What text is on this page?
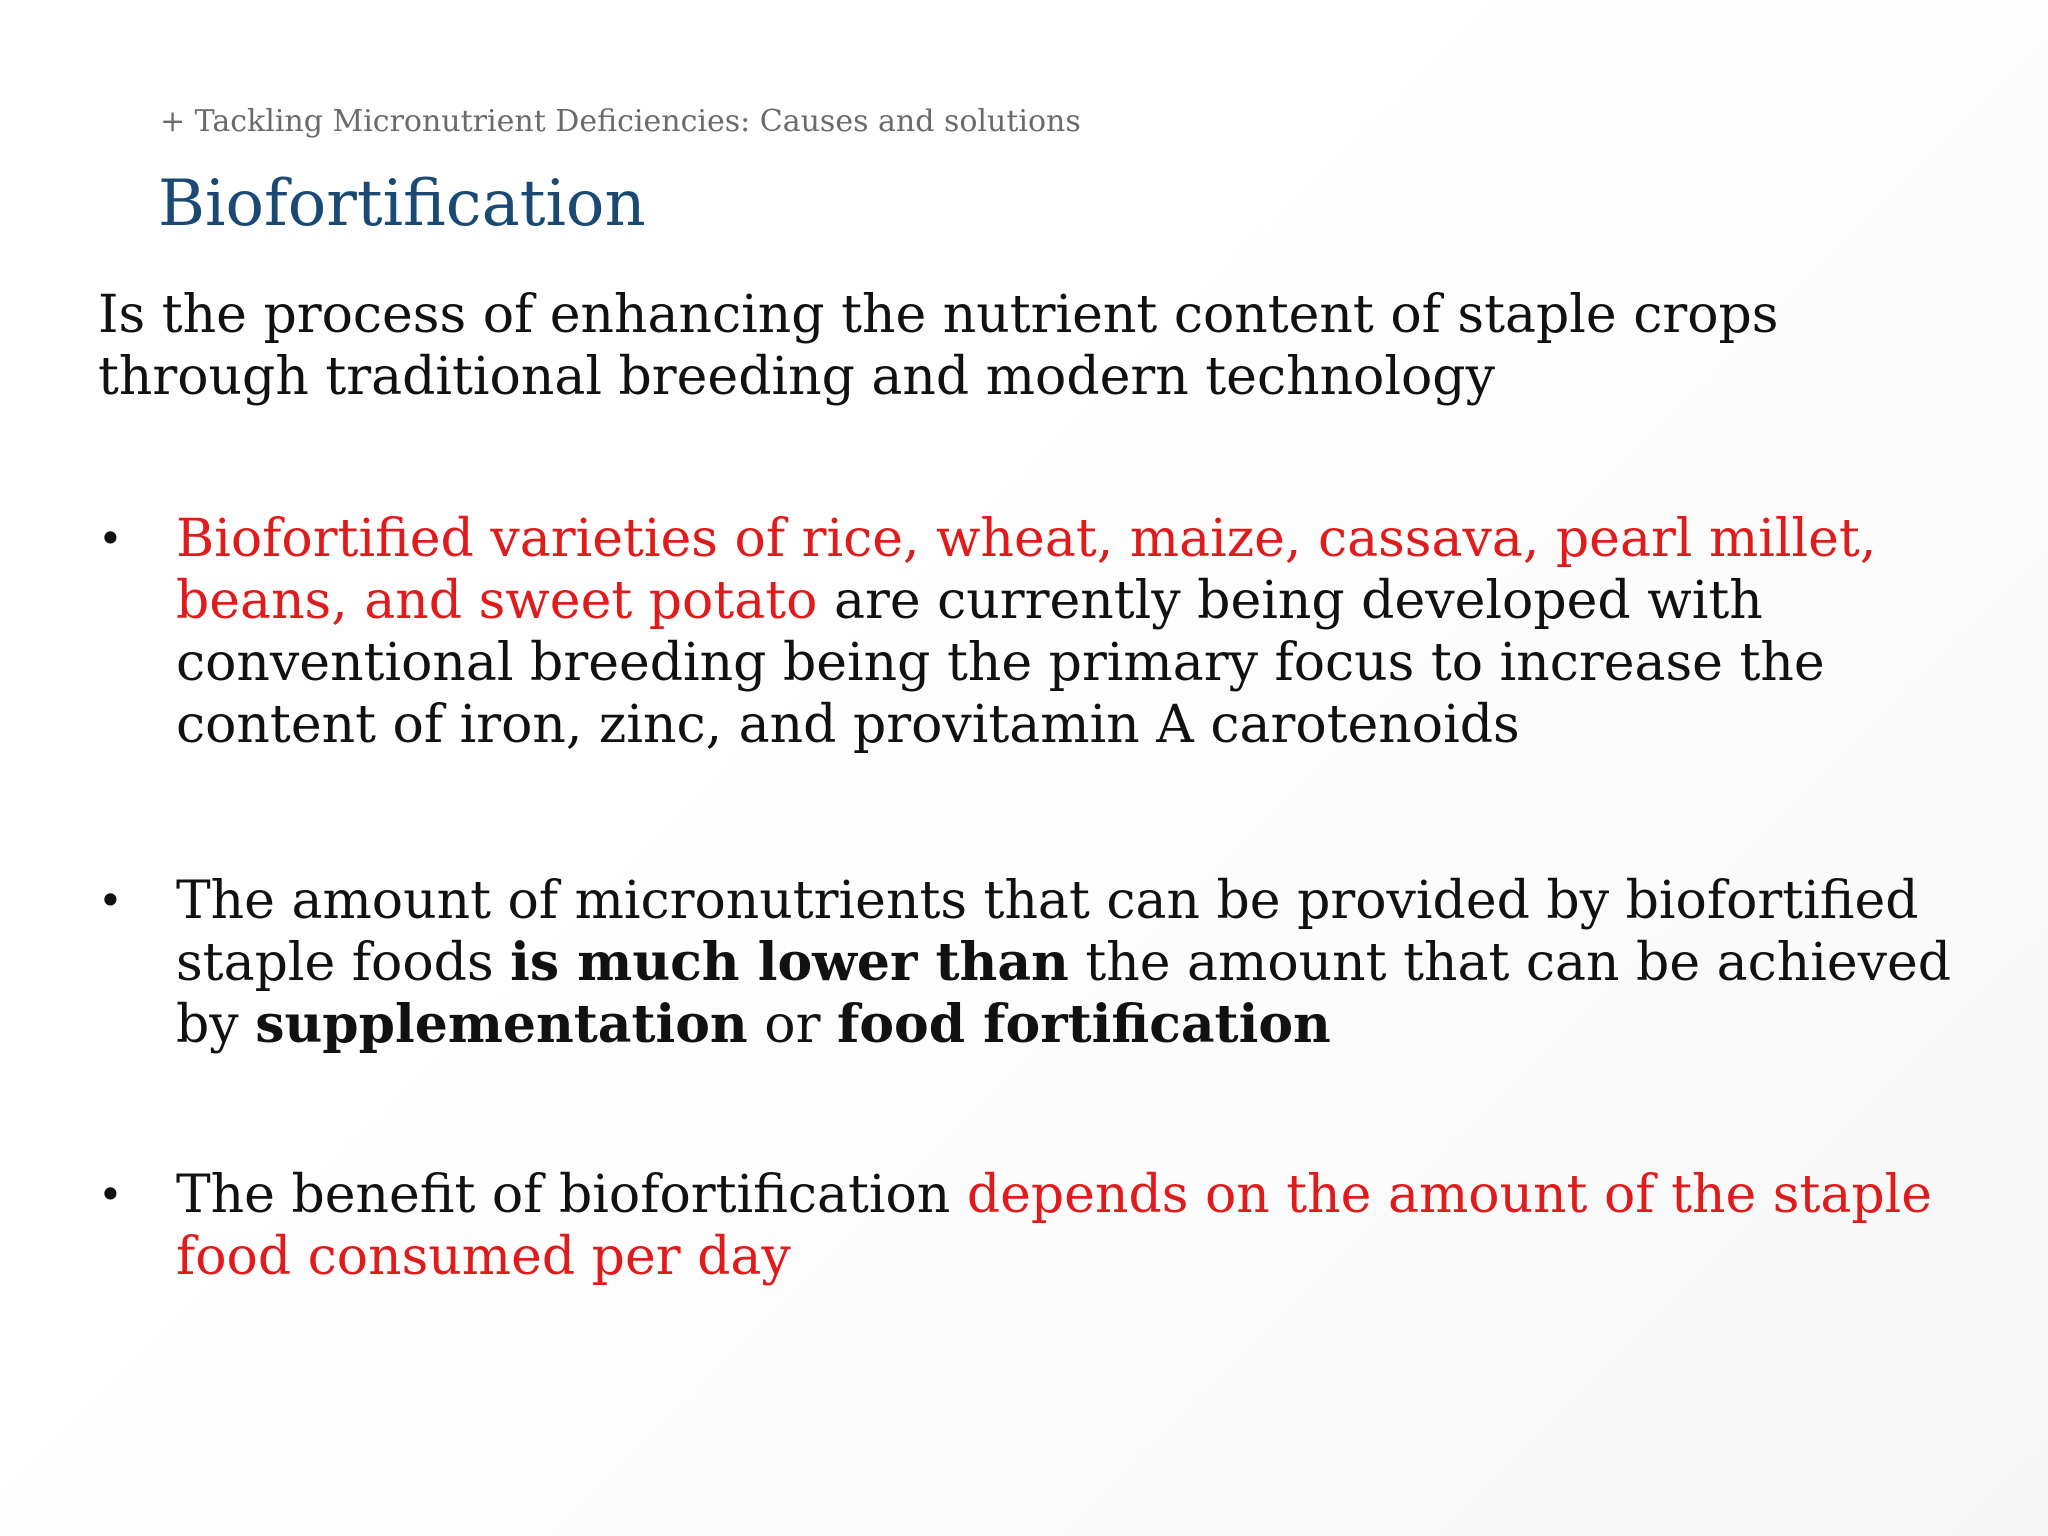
+ Tackling Micronutrient Deficiencies: Causes and solutions
Biofortification

Is the process of enhancing the nutrient content of staple crops through traditional breeding and modern technology

• Biofortified varieties of rice, wheat, maize, cassava, pearl millet, beans, and sweet potato are currently being developed with conventional breeding being the primary focus to increase the content of iron, zinc, and provitamin A carotenoids
• The amount of micronutrients that can be provided by biofortified staple foods is much lower than the amount that can be achieved by supplementation or food fortification
• The benefit of biofortification depends on the amount of the staple food consumed per day
